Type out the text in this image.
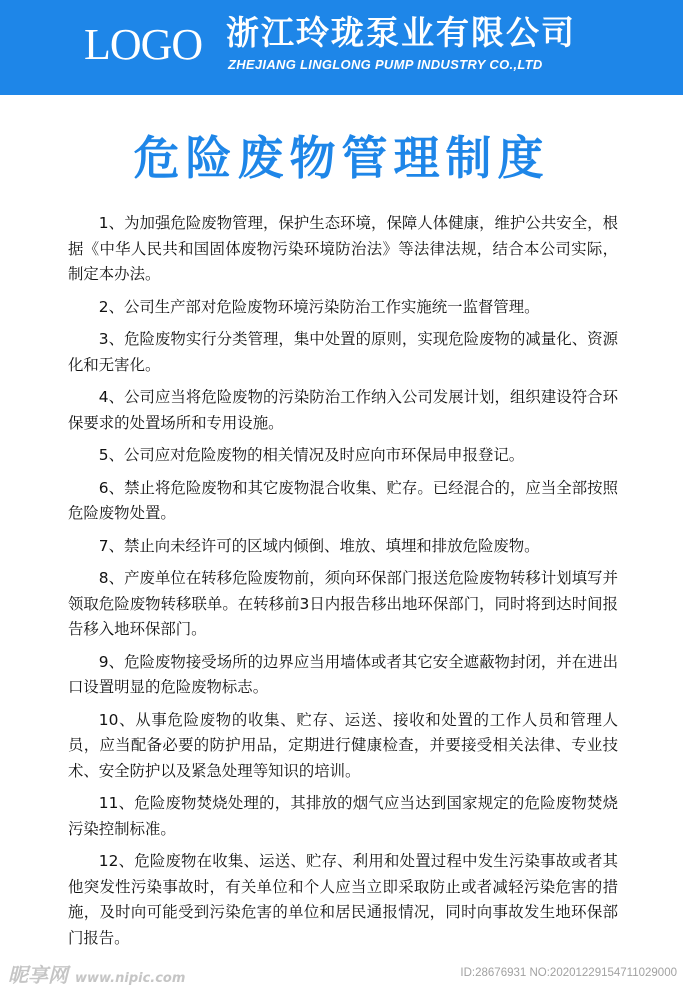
LOGO 浙江玲珑泵业有限公司
ZHEJIANG LINGLONG PUMP INDUSTRY CO.,LTD
危险废物管理制度

1、为加强危险废物管理，保护生态环境，保障人体健康，维护公共安全，根据《中华人民共和国固体废物污染环境防治法》等法律法规，结合本公司实际，制定本办法。

2、公司生产部对危险废物环境污染防治工作实施统一监督管理。

3、危险废物实行分类管理，集中处置的原则，实现危险废物的减量化、资源化和无害化。

4、公司应当将危险废物的污染防治工作纳入公司发展计划，组织建设符合环保要求的处置场所和专用设施。

5、公司应对危险废物的相关情况及时应向市环保局申报登记。

6、禁止将危险废物和其它废物混合收集、贮存。已经混合的，应当全部按照危险废物处置。

7、禁止向未经许可的区域内倾倒、堆放、填埋和排放危险废物。

8、产废单位在转移危险废物前，须向环保部门报送危险废物转移计划填写并领取危险废物转移联单。在转移前3日内报告移出地环保部门，同时将到达时间报告移入地环保部门。

9、危险废物接受场所的边界应当用墙体或者其它安全遮蔽物封闭，并在进出口设置明显的危险废物标志。

10、从事危险废物的收集、贮存、运送、接收和处置的工作人员和管理人员，应当配备必要的防护用品，定期进行健康检查，并要接受相关法律、专业技术、安全防护以及紧急处理等知识的培训。

11、危险废物焚烧处理的，其排放的烟气应当达到国家规定的危险废物焚烧污染控制标准。

12、危险废物在收集、运送、贮存、利用和处置过程中发生污染事故或者其他突发性污染事故时，有关单位和个人应当立即采取防止或者减轻污染危害的措施，及时向可能受到污染危害的单位和居民通报情况，同时向事故发生地环保部门报告。

昵享网 www.nipic.com	ID:28676931 NO:20201229154711029000
